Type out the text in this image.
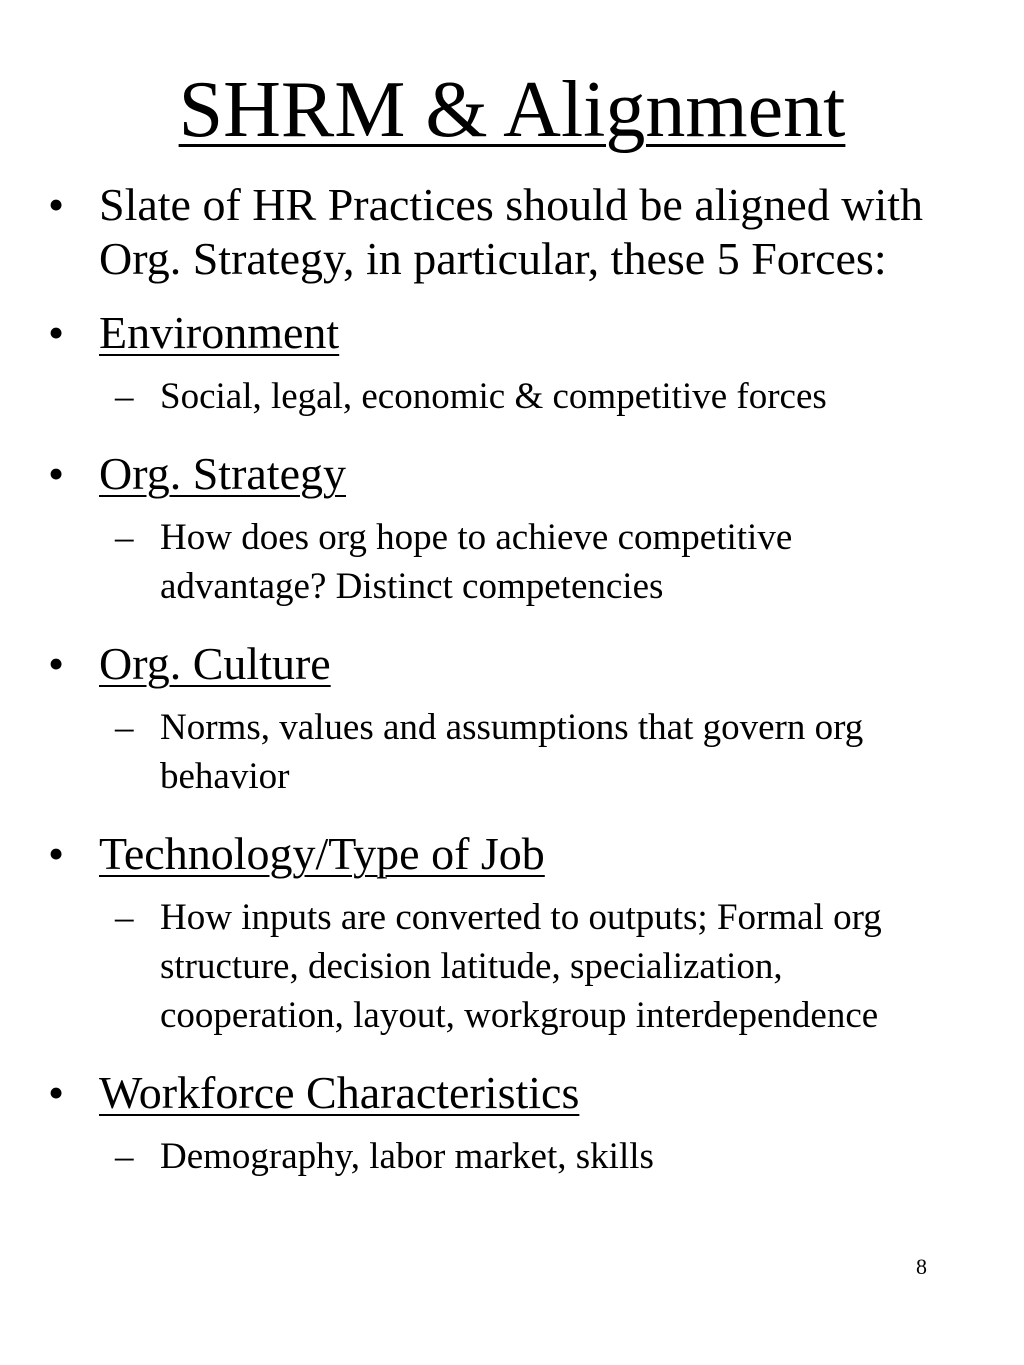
SHRM & Alignment
• Slate of HR Practices should be aligned with Org. Strategy, in particular, these 5 Forces:
• Environment
– Social, legal, economic & competitive forces
• Org. Strategy
– How does org hope to achieve competitive advantage? Distinct competencies
• Org. Culture
– Norms, values and assumptions that govern org behavior
• Technology/Type of Job
– How inputs are converted to outputs; Formal org structure, decision latitude, specialization, cooperation, layout, workgroup interdependence
• Workforce Characteristics
– Demography, labor market, skills
8
